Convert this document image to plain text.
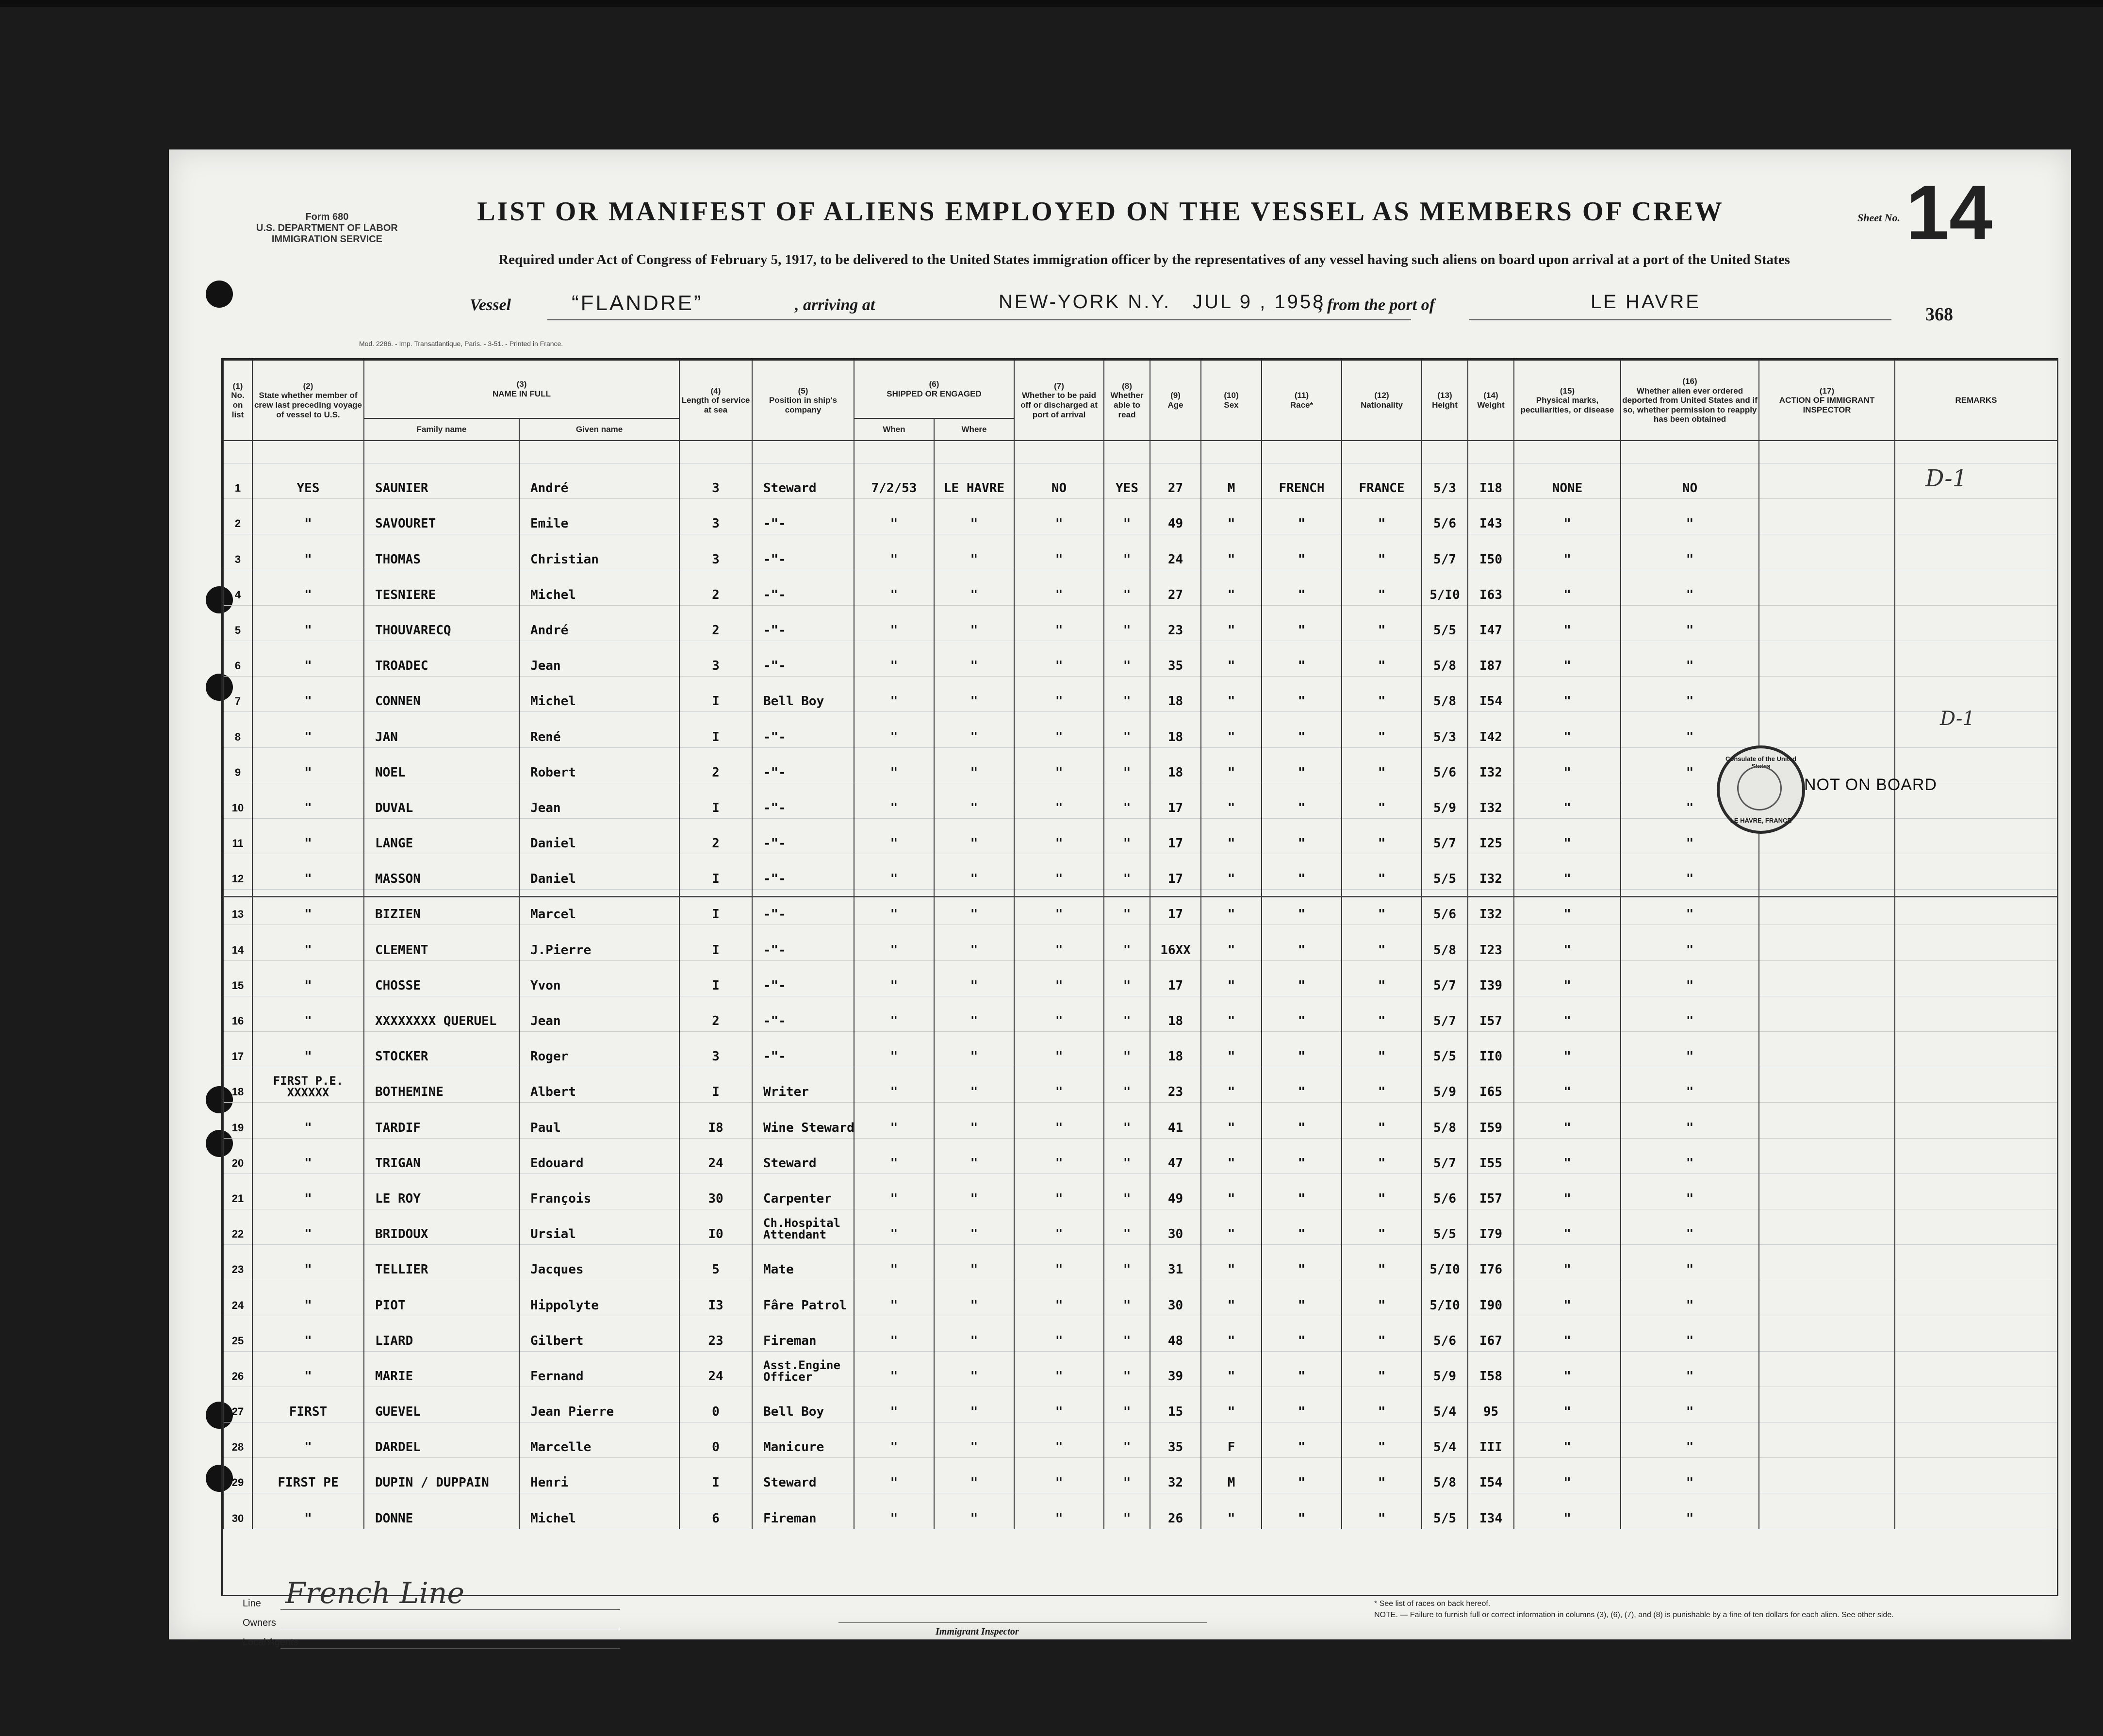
Form 680
U.S. DEPARTMENT OF LABOR
IMMIGRATION SERVICE
LIST OR MANIFEST OF ALIENS EMPLOYED ON THE VESSEL AS MEMBERS OF CREW
Required under Act of Congress of February 5, 1917, to be delivered to the United States immigration officer by the representatives of any vessel having such aliens on board upon arrival at a port of the United States
Sheet No. 14
Vessel	“FLANDRE”	, arriving at	NEW-YORK N.Y. JUL 9 , 1958
, from the port of	LE HAVRE
368
Mod. 2286. - Imp. Transatlantique, Paris. - 3-51. - Printed in France.
(1)
No.
on
list	(2)
State whether member of crew last preceding voyage of vessel to U.S.	(3)
NAME IN FULL		(4)
Length of service at sea	(5)
Position in ship's company	(6)
SHIPPED OR ENGAGED		(7)
Whether to be paid off or discharged at port of arrival	(8)
Whether able to read	(9)
Age	(10)
Sex	(11)
Race*	(12)
Nationality	(13)
Height	(14)
Weight	(15)
Physical marks, peculiarities, or disease	(16)
Whether alien ever ordered deported from United States and if so, whether permission to reapply has been obtained	(17)
ACTION OF IMMIGRANT INSPECTOR	REMARKS
		Family name	Given name			When	Where												

1	YES	SAUNIER	André	3	Steward	7/2/53	LE HAVRE	NO	YES	27	M	FRENCH	FRANCE	5/3	I18	NONE	NO		
2	"	SAVOURET	Emile	3	-"-	"	"	"	"	49	"	"	"	5/6	I43	"	"		
3	"	THOMAS	Christian	3	-"-	"	"	"	"	24	"	"	"	5/7	I50	"	"		
4	"	TESNIERE	Michel	2	-"-	"	"	"	"	27	"	"	"	5/I0	I63	"	"		
5	"	THOUVARECQ	André	2	-"-	"	"	"	"	23	"	"	"	5/5	I47	"	"		
6	"	TROADEC	Jean	3	-"-	"	"	"	"	35	"	"	"	5/8	I87	"	"		
7	"	CONNEN	Michel	I	Bell Boy	"	"	"	"	18	"	"	"	5/8	I54	"	"		
8	"	JAN	René	I	-"-	"	"	"	"	18	"	"	"	5/3	I42	"	"		
9	"	NOEL	Robert	2	-"-	"	"	"	"	18	"	"	"	5/6	I32	"	"		
10	"	DUVAL	Jean	I	-"-	"	"	"	"	17	"	"	"	5/9	I32	"	"		
11	"	LANGE	Daniel	2	-"-	"	"	"	"	17	"	"	"	5/7	I25	"	"		
12	"	MASSON	Daniel	I	-"-	"	"	"	"	17	"	"	"	5/5	I32	"	"		
13	"	BIZIEN	Marcel	I	-"-	"	"	"	"	17	"	"	"	5/6	I32	"	"		
14	"	CLEMENT	J.Pierre	I	-"-	"	"	"	"	16XX	"	"	"	5/8	I23	"	"		
15	"	CHOSSE	Yvon	I	-"-	"	"	"	"	17	"	"	"	5/7	I39	"	"		
16	"	XXXXXXXX QUERUEL	Jean	2	-"-	"	"	"	"	18	"	"	"	5/7	I57	"	"		
17	"	STOCKER	Roger	3	-"-	"	"	"	"	18	"	"	"	5/5	II0	"	"		
18	FIRST P.E. XXXXXX	BOTHEMINE	Albert	I	Writer	"	"	"	"	23	"	"	"	5/9	I65	"	"		
19	"	TARDIF	Paul	I8	Wine Steward	"	"	"	"	41	"	"	"	5/8	I59	"	"		
20	"	TRIGAN	Edouard	24	Steward	"	"	"	"	47	"	"	"	5/7	I55	"	"		
21	"	LE ROY	François	30	Carpenter	"	"	"	"	49	"	"	"	5/6	I57	"	"		
22	"	BRIDOUX	Ursial	I0	Ch.Hospital Attendant	"	"	"	"	30	"	"	"	5/5	I79	"	"		
23	"	TELLIER	Jacques	5	Mate	"	"	"	"	31	"	"	"	5/I0	I76	"	"		
24	"	PIOT	Hippolyte	I3	Fâre Patrol	"	"	"	"	30	"	"	"	5/I0	I90	"	"		
25	"	LIARD	Gilbert	23	Fireman	"	"	"	"	48	"	"	"	5/6	I67	"	"		
26	"	MARIE	Fernand	24	Asst.Engine Officer	"	"	"	"	39	"	"	"	5/9	I58	"	"		
27	FIRST	GUEVEL	Jean Pierre	0	Bell Boy	"	"	"	"	15	"	"	"	5/4	95	"	"		
28	"	DARDEL	Marcelle	0	Manicure	"	"	"	"	35	F	"	"	5/4	III	"	"		
29	FIRST PE	DUPIN / DUPPAIN	Henri	I	Steward	"	"	"	"	32	M	"	"	5/8	I54	"	"		
30	"	DONNE	Michel	6	Fireman	"	"	"	"	26	"	"	"	5/5	I34	"	"		
Consulate of the United States
LE HAVRE, FRANCE
NOT ON BOARD
D-1
D-1
Line French Line
Owners
Local Agents
Immigrant Inspector
* See list of races on back hereof.
NOTE. — Failure to furnish full or correct information in columns (3), (6), (7), and (8) is punishable by a fine of ten dollars for each alien. See other side.
